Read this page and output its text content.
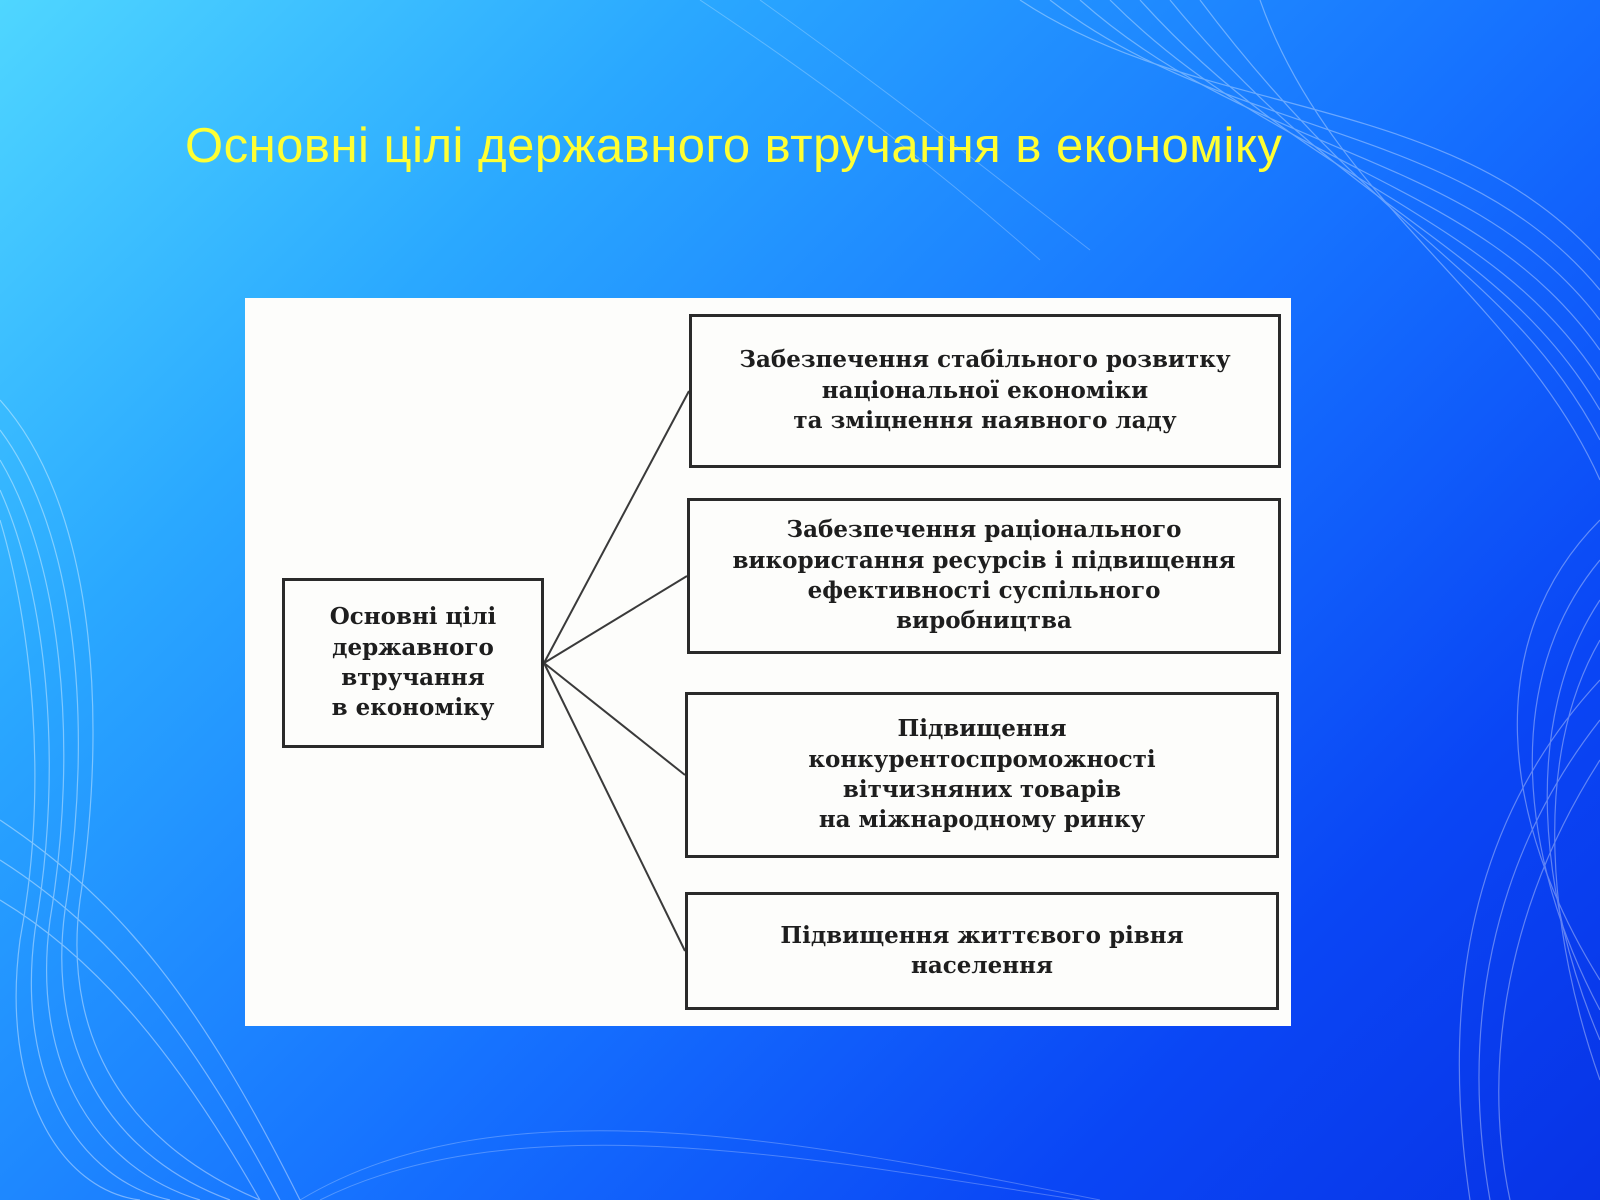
Основні цілі державного втручання в економіку
Основні цілі
державного
втручання
в економіку
Забезпечення стабільного розвитку
національної економіки
та зміцнення наявного ладу
Забезпечення раціонального
використання ресурсів і підвищення
ефективності суспільного
виробництва
Підвищення
конкурентоспроможності
вітчизняних товарів
на міжнародному ринку
Підвищення життєвого рівня
населення
